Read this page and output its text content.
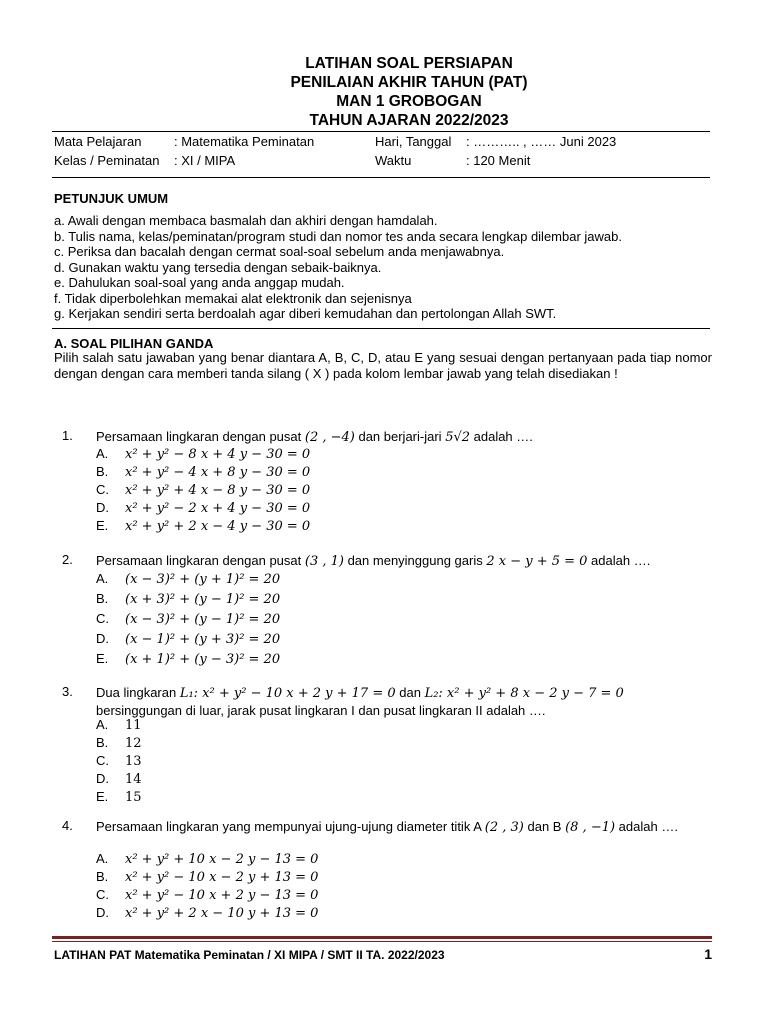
LATIHAN SOAL PERSIAPAN
PENILAIAN AKHIR TAHUN (PAT)
MAN 1 GROBOGAN
TAHUN AJARAN 2022/2023
Mata Pelajaran	: Matematika Peminatan	Hari, Tanggal : ……….. , …… Juni 2023
Kelas / Peminatan : XI / MIPA	Waktu	: 120 Menit
PETUNJUK UMUM
a. Awali dengan membaca basmalah dan akhiri dengan hamdalah.
b. Tulis nama, kelas/peminatan/program studi dan nomor tes anda secara lengkap dilembar jawab.
c. Periksa dan bacalah dengan cermat soal-soal sebelum anda menjawabnya.
d. Gunakan waktu yang tersedia dengan sebaik-baiknya.
e. Dahulukan soal-soal yang anda anggap mudah.
f. Tidak diperbolehkan memakai alat elektronik dan sejenisnya
g. Kerjakan sendiri serta berdoalah agar diberi kemudahan dan pertolongan Allah SWT.
A. SOAL PILIHAN GANDA
Pilih salah satu jawaban yang benar diantara A, B, C, D, atau E yang sesuai dengan pertanyaan pada tiap nomor dengan dengan cara memberi tanda silang ( X ) pada kolom lembar jawab yang telah disediakan !
1. Persamaan lingkaran dengan pusat (2 , −4) dan berjari-jari 5√2 adalah ….
A. x² + y² − 8 x + 4 y − 30 = 0
B. x² + y² − 4 x + 8 y − 30 = 0
C. x² + y² + 4 x − 8 y − 30 = 0
D. x² + y² − 2 x + 4 y − 30 = 0
E. x² + y² + 2 x − 4 y − 30 = 0
2. Persamaan lingkaran dengan pusat (3 , 1) dan menyinggung garis 2 x − y + 5 = 0 adalah ….
A. (x − 3)² + (y + 1)² = 20
B. (x + 3)² + (y − 1)² = 20
C. (x − 3)² + (y − 1)² = 20
D. (x − 1)² + (y + 3)² = 20
E. (x + 1)² + (y − 3)² = 20
3. Dua lingkaran L₁: x² + y² − 10 x + 2 y + 17 = 0 dan L₂: x² + y² + 8 x − 2 y − 7 = 0 bersinggungan di luar, jarak pusat lingkaran I dan pusat lingkaran II adalah ….
A. 11
B. 12
C. 13
D. 14
E. 15
4. Persamaan lingkaran yang mempunyai ujung-ujung diameter titik A (2 , 3) dan B (8 , −1) adalah ….
A. x² + y² + 10 x − 2 y − 13 = 0
B. x² + y² − 10 x − 2 y + 13 = 0
C. x² + y² − 10 x + 2 y − 13 = 0
D. x² + y² + 2 x − 10 y + 13 = 0
LATIHAN PAT Matematika Peminatan / XI MIPA / SMT II TA. 2022/2023	1
